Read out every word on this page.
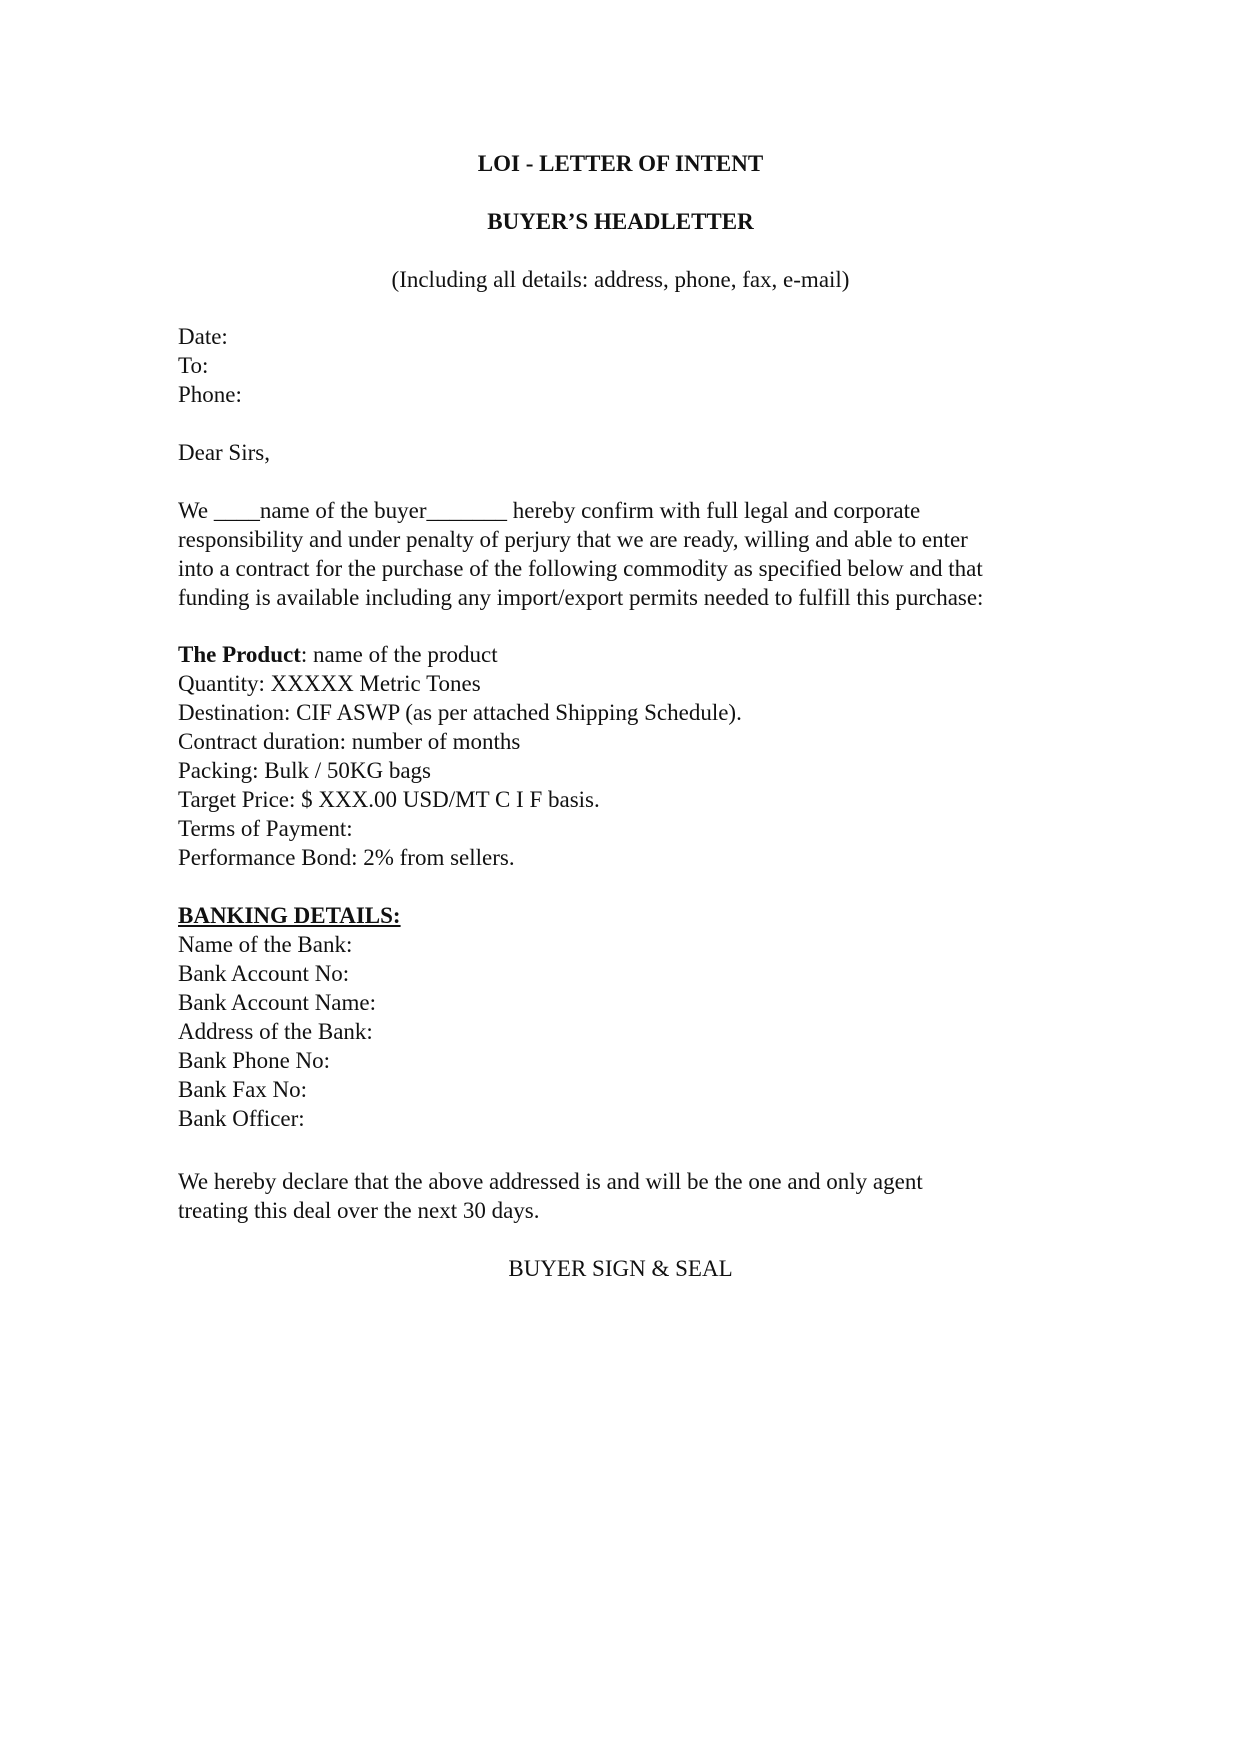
LOI - LETTER OF INTENT
BUYER’S HEADLETTER
(Including all details: address, phone, fax, e-mail)
Date:
To:
Phone:
Dear Sirs,
We ____name of the buyer_______ hereby confirm with full legal and corporate
responsibility and under penalty of perjury that we are ready, willing and able to enter
into a contract for the purchase of the following commodity as specified below and that
funding is available including any import/export permits needed to fulfill this purchase:
The Product: name of the product
Quantity: XXXXX Metric Tones
Destination: CIF ASWP (as per attached Shipping Schedule).
Contract duration: number of months
Packing: Bulk / 50KG bags
Target Price: $ XXX.00 USD/MT C I F basis.
Terms of Payment:
Performance Bond: 2% from sellers.
BANKING DETAILS:
Name of the Bank:
Bank Account No:
Bank Account Name:
Address of the Bank:
Bank Phone No:
Bank Fax No:
Bank Officer:
We hereby declare that the above addressed is and will be the one and only agent
treating this deal over the next 30 days.
BUYER SIGN & SEAL
